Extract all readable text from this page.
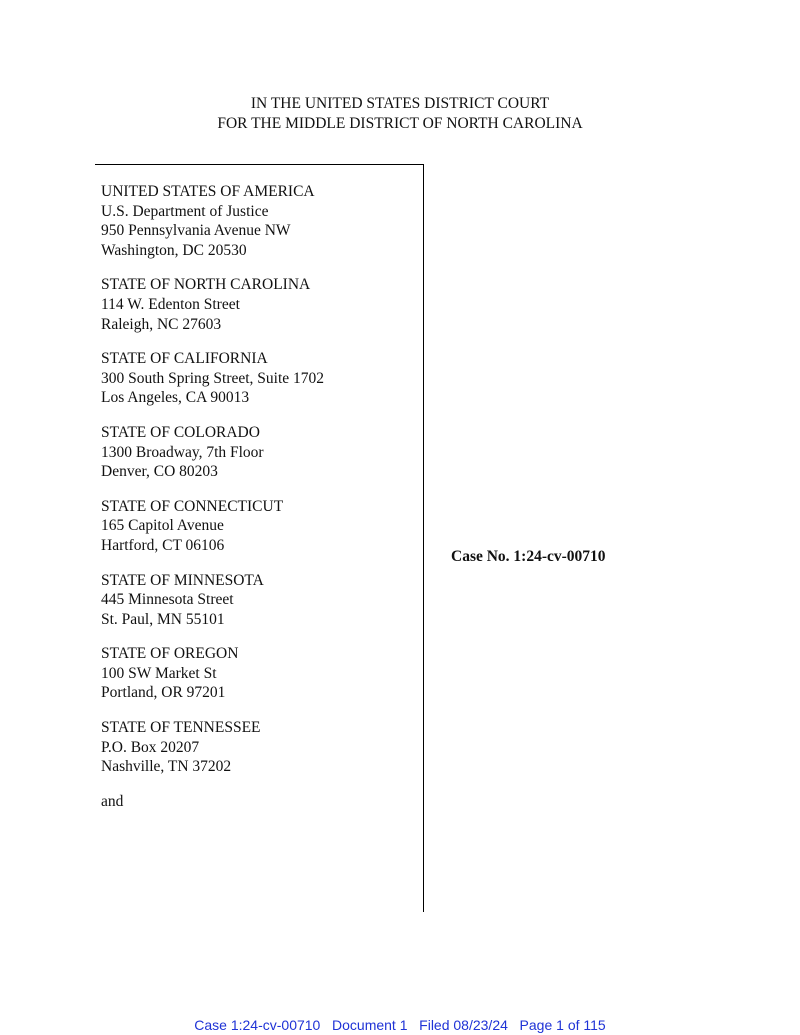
IN THE UNITED STATES DISTRICT COURT
FOR THE MIDDLE DISTRICT OF NORTH CAROLINA
UNITED STATES OF AMERICA
U.S. Department of Justice
950 Pennsylvania Avenue NW
Washington, DC 20530
STATE OF NORTH CAROLINA
114 W. Edenton Street
Raleigh, NC 27603
STATE OF CALIFORNIA
300 South Spring Street, Suite 1702
Los Angeles, CA 90013
STATE OF COLORADO
1300 Broadway, 7th Floor
Denver, CO 80203
STATE OF CONNECTICUT
165 Capitol Avenue
Hartford, CT 06106
STATE OF MINNESOTA
445 Minnesota Street
St. Paul, MN 55101
STATE OF OREGON
100 SW Market St
Portland, OR 97201
STATE OF TENNESSEE
P.O. Box 20207
Nashville, TN 37202
and
Case No. 1:24-cv-00710
Case 1:24-cv-00710   Document 1   Filed 08/23/24   Page 1 of 115
